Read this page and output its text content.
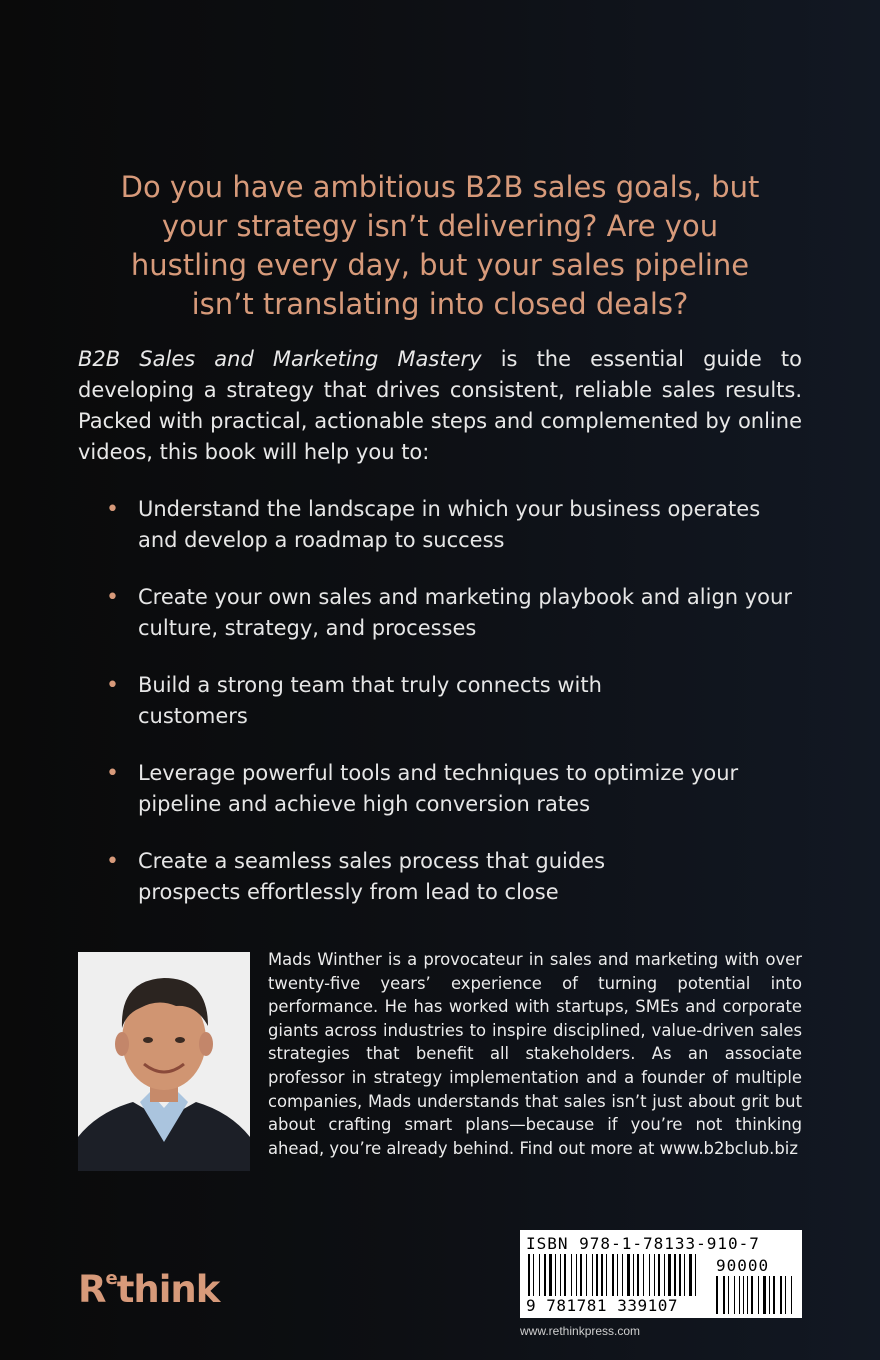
Do you have ambitious B2B sales goals, but your strategy isn’t delivering? Are you hustling every day, but your sales pipeline isn’t translating into closed deals?

B2B Sales and Marketing Mastery is the essential guide to developing a strategy that drives consistent, reliable sales results. Packed with practical, actionable steps and complemented by online videos, this book will help you to:

• Understand the landscape in which your business operates and develop a roadmap to success
• Create your own sales and marketing playbook and align your culture, strategy, and processes
• Build a strong team that truly connects with customers
• Leverage powerful tools and techniques to optimize your pipeline and achieve high conversion rates
• Create a seamless sales process that guides prospects effortlessly from lead to close

Mads Winther is a provocateur in sales and marketing with over twenty-five years’ experience of turning potential into performance. He has worked with startups, SMEs and corporate giants across industries to inspire disciplined, value-driven sales strategies that benefit all stakeholders. As an associate professor in strategy implementation and a founder of multiple companies, Mads understands that sales isn’t just about grit but about crafting smart plans—because if you’re not thinking ahead, you’re already behind. Find out more at www.b2bclub.biz

$R^ethink$
ISBN 978-1-78133-910-7
90000
9 781781 339107
www.rethinkpress.com
